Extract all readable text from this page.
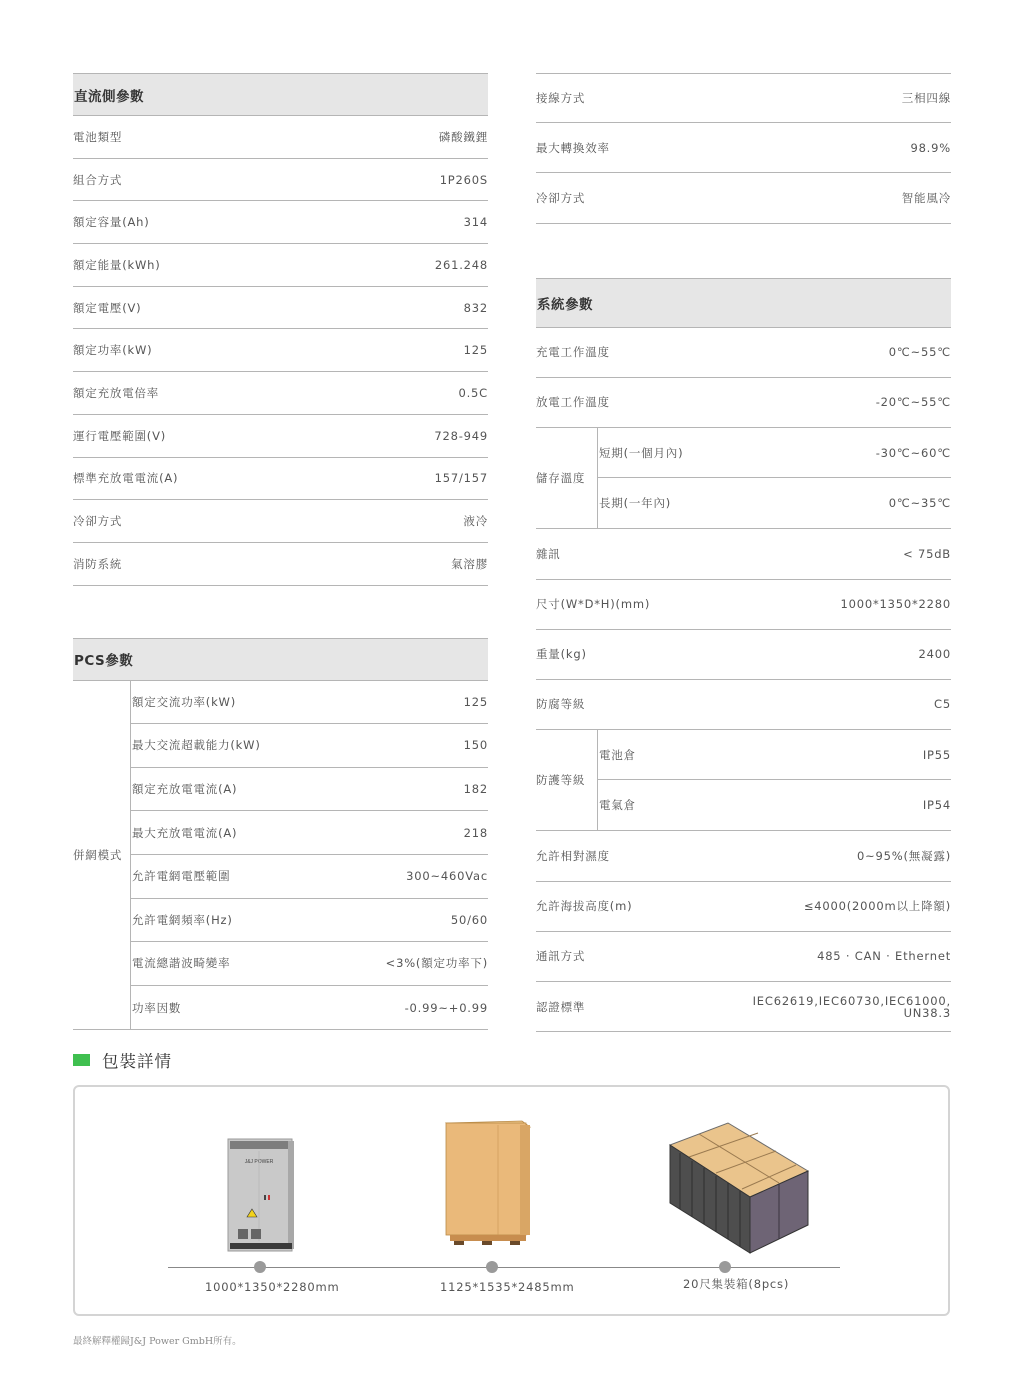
直流側參數
電池類型	磷酸鐵鋰
組合方式	1P260S
額定容量(Ah)	314
額定能量(kWh)	261.248
額定電壓(V)	832
額定功率(kW)	125
額定充放電倍率	0.5C
運行電壓範圍(V)	728-949
標準充放電電流(A)	157/157
冷卻方式	液冷
消防系統	氣溶膠
PCS參數
併網模式
額定交流功率(kW)	125
最大交流超載能力(kW)	150
額定充放電電流(A)	182
最大充放電電流(A)	218
允許電網電壓範圍	300~460Vac
允許電網頻率(Hz)	50/60
電流總諧波畸變率	<3%(額定功率下)
功率因數	-0.99~+0.99
接線方式	三相四線
最大轉換效率	98.9%
冷卻方式	智能風冷
系統參數
充電工作溫度	0℃~55℃
放電工作溫度	-20℃~55℃
儲存溫度
短期(一個月內)	-30℃~60℃
長期(一年內)	0℃~35℃
雜訊	< 75dB
尺寸(W*D*H)(mm)	1000*1350*2280
重量(kg)	2400
防腐等級	C5
防護等級
電池倉	IP55
電氣倉	IP54
允許相對濕度	0~95%(無凝露)
允許海拔高度(m)	≤4000(2000m以上降額)
通訊方式	485 · CAN · Ethernet
認證標準	IEC62619,IEC60730,IEC61000,
UN38.3
包裝詳情
J&J POWER
1000*1350*2280mm	1125*1535*2485mm	20尺集裝箱(8pcs)
最終解釋權歸J&J Power GmbH所有。
